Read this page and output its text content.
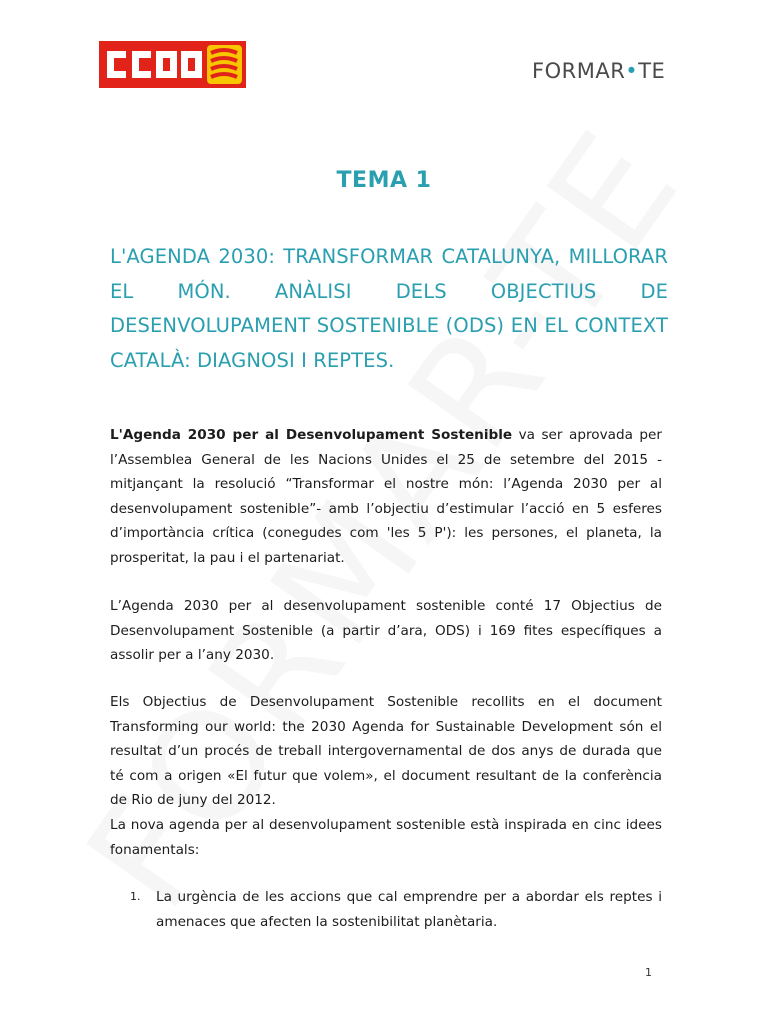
FORMAR•TE
TEMA 1
L'AGENDA 2030: TRANSFORMAR CATALUNYA, MILLORAR EL MÓN. ANÀLISI DELS OBJECTIUS DE DESENVOLUPAMENT SOSTENIBLE (ODS) EN EL CONTEXT CATALÀ: DIAGNOSI I REPTES.
L'Agenda 2030 per al Desenvolupament Sostenible va ser aprovada per l’Assemblea General de les Nacions Unides el 25 de setembre del 2015 - mitjançant la resolució “Transformar el nostre món: l’Agenda 2030 per al desenvolupament sostenible”- amb l’objectiu d’estimular l’acció en 5 esferes d’importància crítica (conegudes com 'les 5 P'): les persones, el planeta, la prosperitat, la pau i el partenariat.
L’Agenda 2030 per al desenvolupament sostenible conté 17 Objectius de Desenvolupament Sostenible (a partir d’ara, ODS) i 169 fites específiques a assolir per a l’any 2030.
Els Objectius de Desenvolupament Sostenible recollits en el document Transforming our world: the 2030 Agenda for Sustainable Development són el resultat d’un procés de treball intergovernamental de dos anys de durada que té com a origen «El futur que volem», el document resultant de la conferència de Rio de juny del 2012.
La nova agenda per al desenvolupament sostenible està inspirada en cinc idees fonamentals:
1. La urgència de les accions que cal emprendre per a abordar els reptes i amenaces que afecten la sostenibilitat planètaria.
1
